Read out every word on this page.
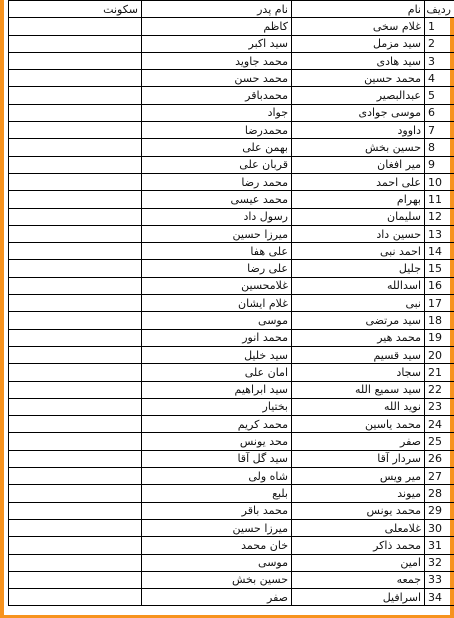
ردیف	نام	نام پدر	سکونت
1	غلام سخی	کاظم	
2	سید مزمل	سید اکبر	
3	سید هادی	محمد جاوید	
4	محمد حسین	محمد حسن	
5	عبدالبصیر	محمدباقر	
6	موسی جوادی	جواد	
7	داوود	محمدرضا	
8	حسین بخش	بهمن علی	
9	میر افغان	قربان علی	
10	علی احمد	محمد رضا	
11	بهرام	محمد عیسی	
12	سلیمان	رسول داد	
13	حسین داد	میرزا حسین	
14	احمد نبی	علی هفا	
15	جلیل	علی رضا	
16	اسدالله	غلامحسین	
17	نبی	غلام ایشان	
18	سید مرتضی	موسی	
19	محمد هیر	محمد انور	
20	سید قسیم	سید خلیل	
21	سجاد	امان علی	
22	سید سمیع الله	سید ابراهیم	
23	نوید الله	بختیار	
24	محمد یاسین	محمد کریم	
25	صفر	محد یونس	
26	سردار آقا	سید گل آقا	
27	میر ویس	شاه ولی	
28	میوند	بلبع	
29	محمد یونس	محمد باقر	
30	غلامعلی	میرزا حسین	
31	محمد ذاکر	خان محمد	
32	امین	موسی	
33	جمعه	حسین بخش	
34	اسرافیل	صفر	
